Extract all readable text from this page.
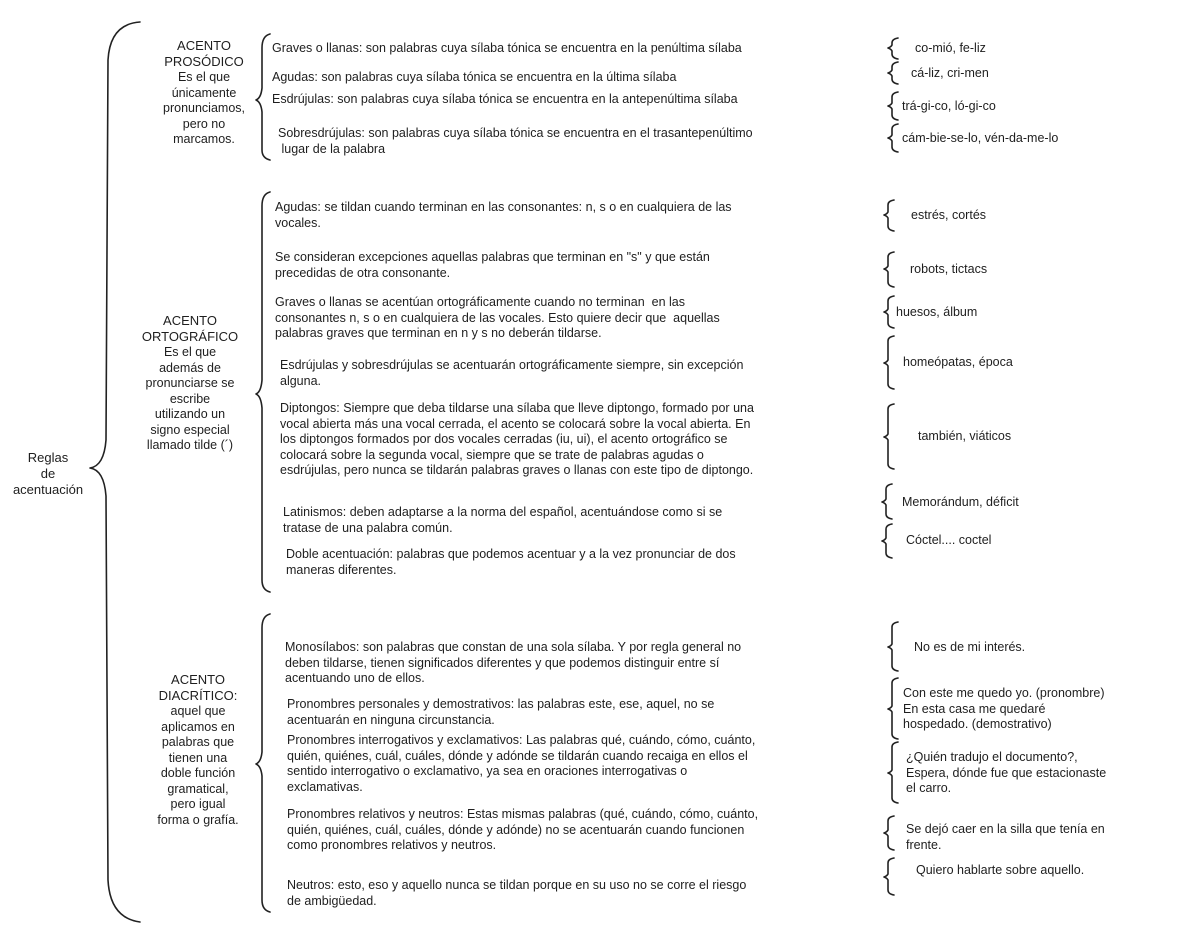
Reglas
de
acentuación
ACENTO
PROSÓDICO
Es el que
únicamente
pronunciamos,
pero no
marcamos.
Graves o llanas: son palabras cuya sílaba tónica se encuentra en la penúltima sílaba
Agudas: son palabras cuya sílaba tónica se encuentra en la última sílaba
Esdrújulas: son palabras cuya sílaba tónica se encuentra en la antepenúltima sílaba
Sobresdrújulas: son palabras cuya sílaba tónica se encuentra en el trasantepenúltimo
lugar de la palabra
co-mió, fe-liz
cá-liz, cri-men
trá-gi-co, ló-gi-co
cám-bie-se-lo, vén-da-me-lo
ACENTO
ORTOGRÁFICO
Es el que
además de
pronunciarse se
escribe
utilizando un
signo especial
llamado tilde (´)
Agudas: se tildan cuando terminan en las consonantes: n, s o en cualquiera de las
vocales.
Se consideran excepciones aquellas palabras que terminan en "s" y que están
precedidas de otra consonante.
Graves o llanas se acentúan ortográficamente cuando no terminan  en las
consonantes n, s o en cualquiera de las vocales. Esto quiere decir que  aquellas
palabras graves que terminan en n y s no deberán tildarse.
Esdrújulas y sobresdrújulas se acentuarán ortográficamente siempre, sin excepción
alguna.
Diptongos: Siempre que deba tildarse una sílaba que lleve diptongo, formado por una
vocal abierta más una vocal cerrada, el acento se colocará sobre la vocal abierta. En
los diptongos formados por dos vocales cerradas (iu, ui), el acento ortográfico se
colocará sobre la segunda vocal, siempre que se trate de palabras agudas o
esdrújulas, pero nunca se tildarán palabras graves o llanas con este tipo de diptongo.
Latinismos: deben adaptarse a la norma del español, acentuándose como si se
tratase de una palabra común.
Doble acentuación: palabras que podemos acentuar y a la vez pronunciar de dos
maneras diferentes.
estrés, cortés
robots, tictacs
huesos, álbum
homeópatas, época
también, viáticos
Memorándum, déficit
Cóctel.... coctel
ACENTO
DIACRÍTICO:
aquel que
aplicamos en
palabras que
tienen una
doble función
gramatical,
pero igual
forma o grafía.
Monosílabos: son palabras que constan de una sola sílaba. Y por regla general no
deben tildarse, tienen significados diferentes y que podemos distinguir entre sí
acentuando uno de ellos.
Pronombres personales y demostrativos: las palabras este, ese, aquel, no se
acentuarán en ninguna circunstancia.
Pronombres interrogativos y exclamativos: Las palabras qué, cuándo, cómo, cuánto,
quién, quiénes, cuál, cuáles, dónde y adónde se tildarán cuando recaiga en ellos el
sentido interrogativo o exclamativo, ya sea en oraciones interrogativas o
exclamativas.
Pronombres relativos y neutros: Estas mismas palabras (qué, cuándo, cómo, cuánto,
quién, quiénes, cuál, cuáles, dónde y adónde) no se acentuarán cuando funcionen
como pronombres relativos y neutros.
Neutros: esto, eso y aquello nunca se tildan porque en su uso no se corre el riesgo
de ambigüedad.
No es de mi interés.
Con este me quedo yo. (pronombre)
En esta casa me quedaré
hospedado. (demostrativo)
¿Quién tradujo el documento?,
Espera, dónde fue que estacionaste
el carro.
Se dejó caer en la silla que tenía en
frente.
Quiero hablarte sobre aquello.
